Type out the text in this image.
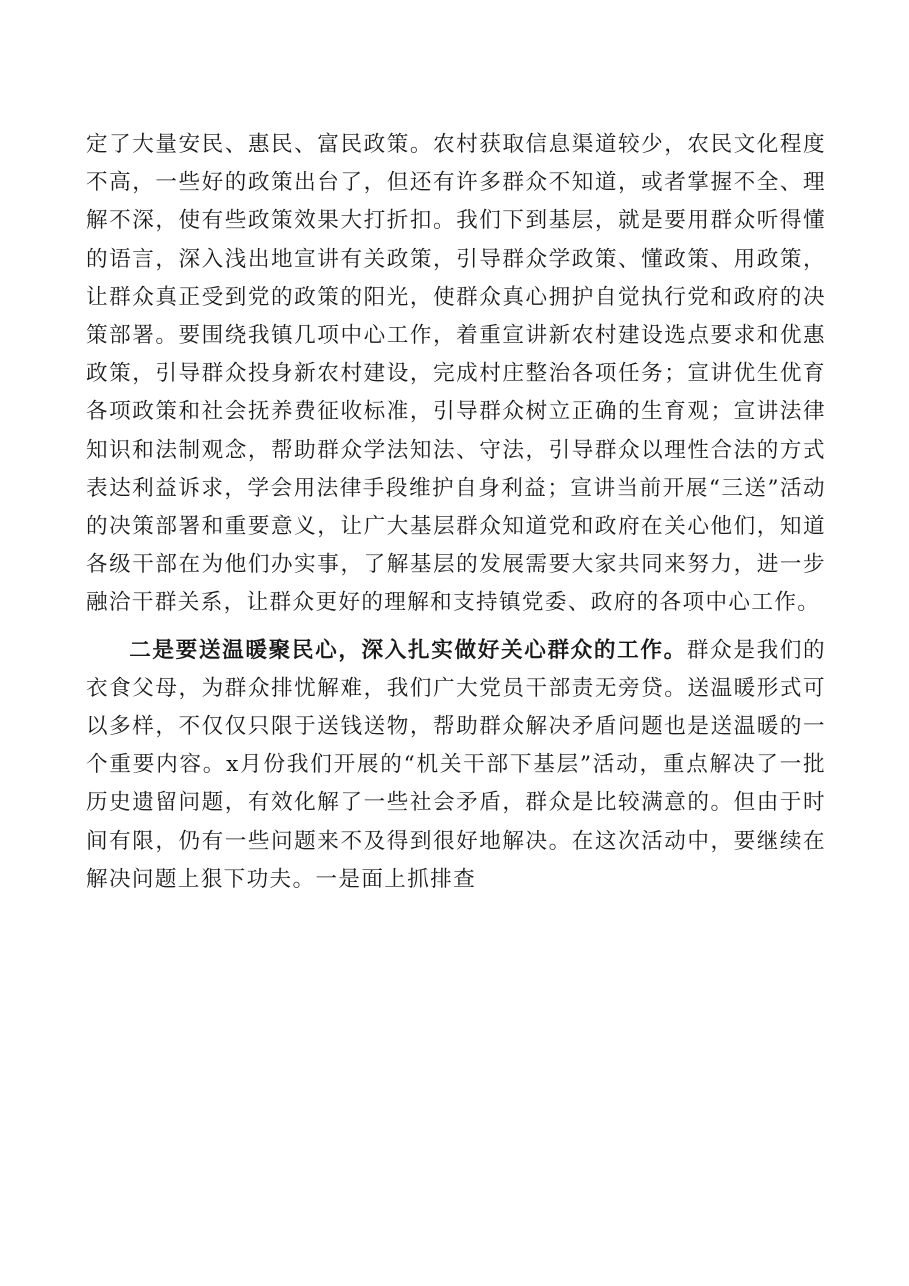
定了大量安民、惠民、富民政策。农村获取信息渠道较少，农民文化程度不高，一些好的政策出台了，但还有许多群众不知道，或者掌握不全、理解不深，使有些政策效果大打折扣。我们下到基层，就是要用群众听得懂的语言，深入浅出地宣讲有关政策，引导群众学政策、懂政策、用政策，让群众真正受到党的政策的阳光，使群众真心拥护自觉执行党和政府的决策部署。要围绕我镇几项中心工作，着重宣讲新农村建设选点要求和优惠政策，引导群众投身新农村建设，完成村庄整治各项任务；宣讲优生优育各项政策和社会抚养费征收标准，引导群众树立正确的生育观；宣讲法律知识和法制观念，帮助群众学法知法、守法，引导群众以理性合法的方式表达利益诉求，学会用法律手段维护自身利益；宣讲当前开展“三送”活动的决策部署和重要意义，让广大基层群众知道党和政府在关心他们，知道各级干部在为他们办实事，了解基层的发展需要大家共同来努力，进一步融洽干群关系，让群众更好的理解和支持镇党委、政府的各项中心工作。

二是要送温暖聚民心，深入扎实做好关心群众的工作。群众是我们的衣食父母，为群众排忧解难，我们广大党员干部责无旁贷。送温暖形式可以多样，不仅仅只限于送钱送物，帮助群众解决矛盾问题也是送温暖的一个重要内容。x月份我们开展的“机关干部下基层”活动，重点解决了一批历史遗留问题，有效化解了一些社会矛盾，群众是比较满意的。但由于时间有限，仍有一些问题来不及得到很好地解决。在这次活动中，要继续在解决问题上狠下功夫。一是面上抓排查
